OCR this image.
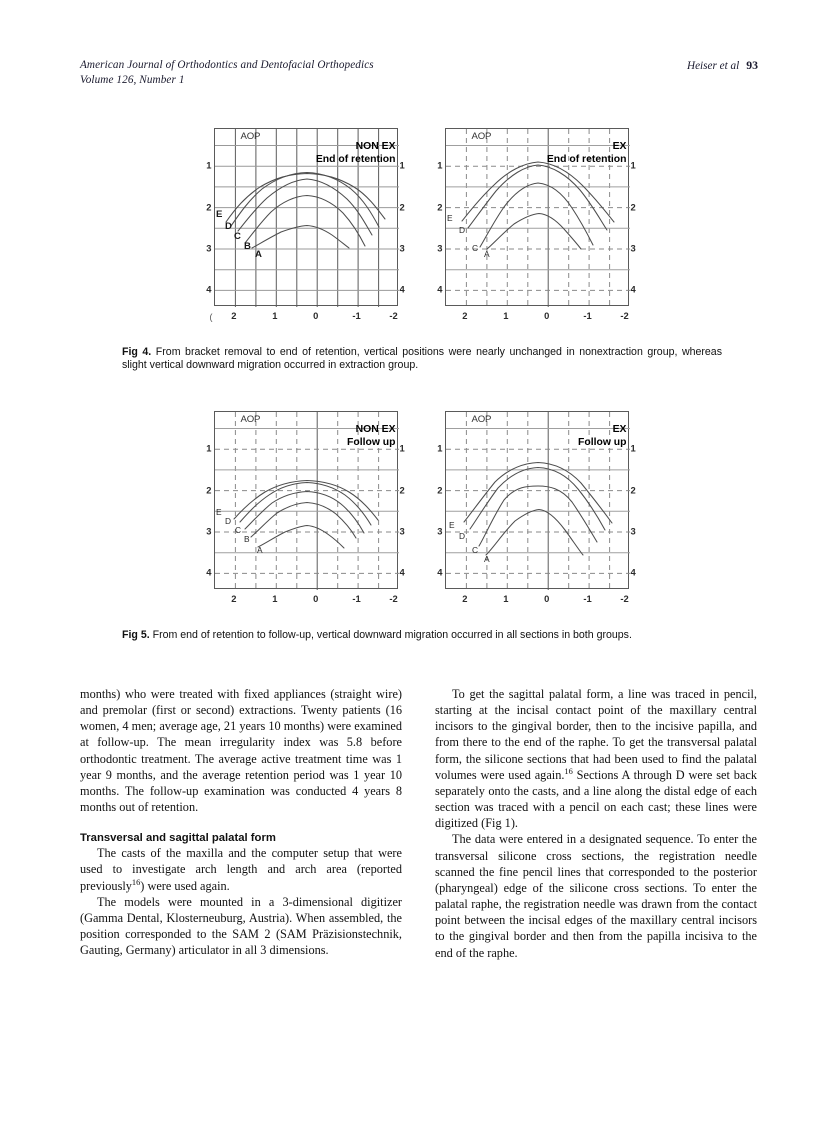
American Journal of Orthodontics and Dentofacial Orthopedics
Volume 126, Number 1
Heiser et al 93
E
D
C
B
A
1
2
3
4
1
2
3
4
2	1	0	-1	-2
(
AOP
NON EX
End of retention
E
D
C
A
1
2
3
4
1
2
3
4
2	1	0	-1	-2
AOP
EX
End of retention
Fig 4. From bracket removal to end of retention, vertical positions were nearly unchanged in nonextraction group, whereas slight vertical downward migration occurred in extraction group.
E
D
C
B
A
1
2
3
4
1
2
3
4
2	1	0	-1	-2
AOP
NON EX
Follow up
E
D
C
A
1
2
3
4
1
2
3
4
2	1	0	-1	-2
AOP
EX
Follow up
Fig 5. From end of retention to follow-up, vertical downward migration occurred in all sections in both groups.

months) who were treated with fixed appliances (straight wire) and premolar (first or second) extractions. Twenty patients (16 women, 4 men; average age, 21 years 10 months) were examined at follow-up. The mean irregularity index was 5.8 before orthodontic treatment. The average active treatment time was 1 year 9 months, and the average retention period was 1 year 10 months. The follow-up examination was conducted 4 years 8 months out of retention.

Transversal and sagittal palatal form

The casts of the maxilla and the computer setup that were used to investigate arch length and arch area (reported previously$^{16}$) were used again.

The models were mounted in a 3-dimensional digitizer (Gamma Dental, Klosterneuburg, Austria). When assembled, the position corresponded to the SAM 2 (SAM Präzisionstechnik, Gauting, Germany) articulator in all 3 dimensions.

To get the sagittal palatal form, a line was traced in pencil, starting at the incisal contact point of the maxillary central incisors to the gingival border, then to the incisive papilla, and from there to the end of the raphe. To get the transversal palatal form, the silicone sections that had been used to find the palatal volumes were used again.$^{16}$ Sections A through D were set back separately onto the casts, and a line along the distal edge of each section was traced with a pencil on each cast; these lines were digitized (Fig 1).

The data were entered in a designated sequence. To enter the transversal silicone cross sections, the registration needle scanned the fine pencil lines that corresponded to the posterior (pharyngeal) edge of the silicone cross sections. To enter the palatal raphe, the registration needle was drawn from the contact point between the incisal edges of the maxillary central incisors to the gingival border and then from the papilla incisiva to the end of the raphe.
